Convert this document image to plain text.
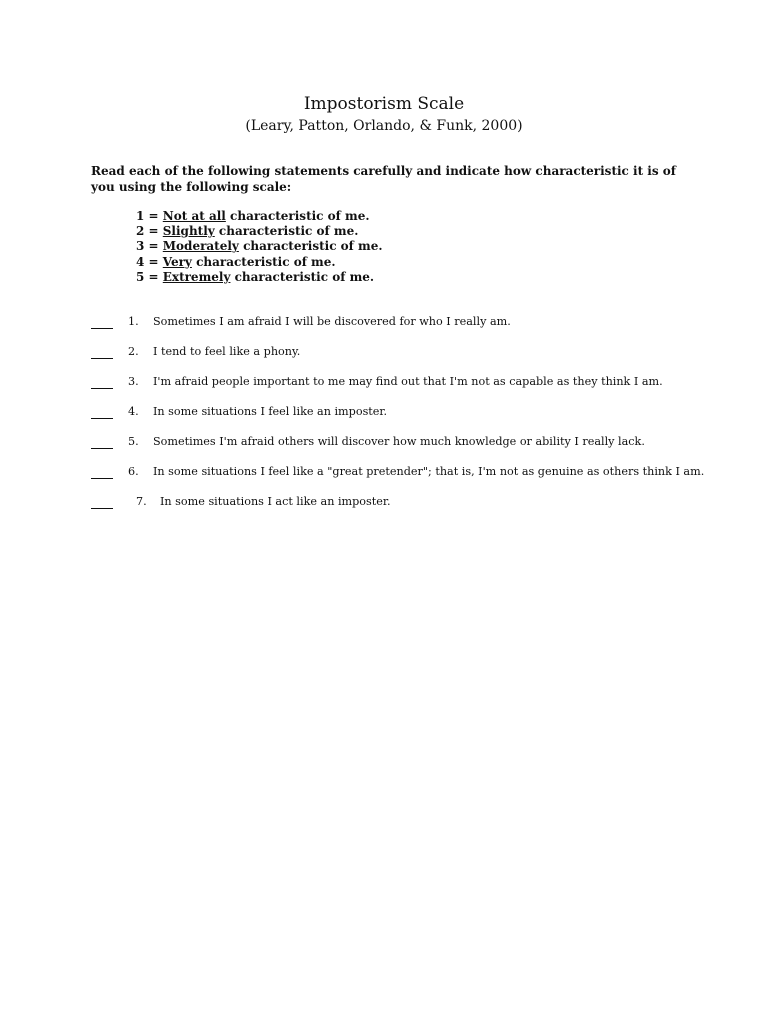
Impostorism Scale
(Leary, Patton, Orlando, & Funk, 2000)
Read each of the following statements carefully and indicate how characteristic it is of you using the following scale:
1 = Not at all characteristic of me.
2 = Slightly characteristic of me.
3 = Moderately characteristic of me.
4 = Very characteristic of me.
5 = Extremely characteristic of me.
1. Sometimes I am afraid I will be discovered for who I really am.
2. I tend to feel like a phony.
3. I'm afraid people important to me may find out that I'm not as capable as they think I am.
4. In some situations I feel like an imposter.
5. Sometimes I'm afraid others will discover how much knowledge or ability I really lack.
6. In some situations I feel like a "great pretender"; that is, I'm not as genuine as others think I am.
7. In some situations I act like an imposter.
